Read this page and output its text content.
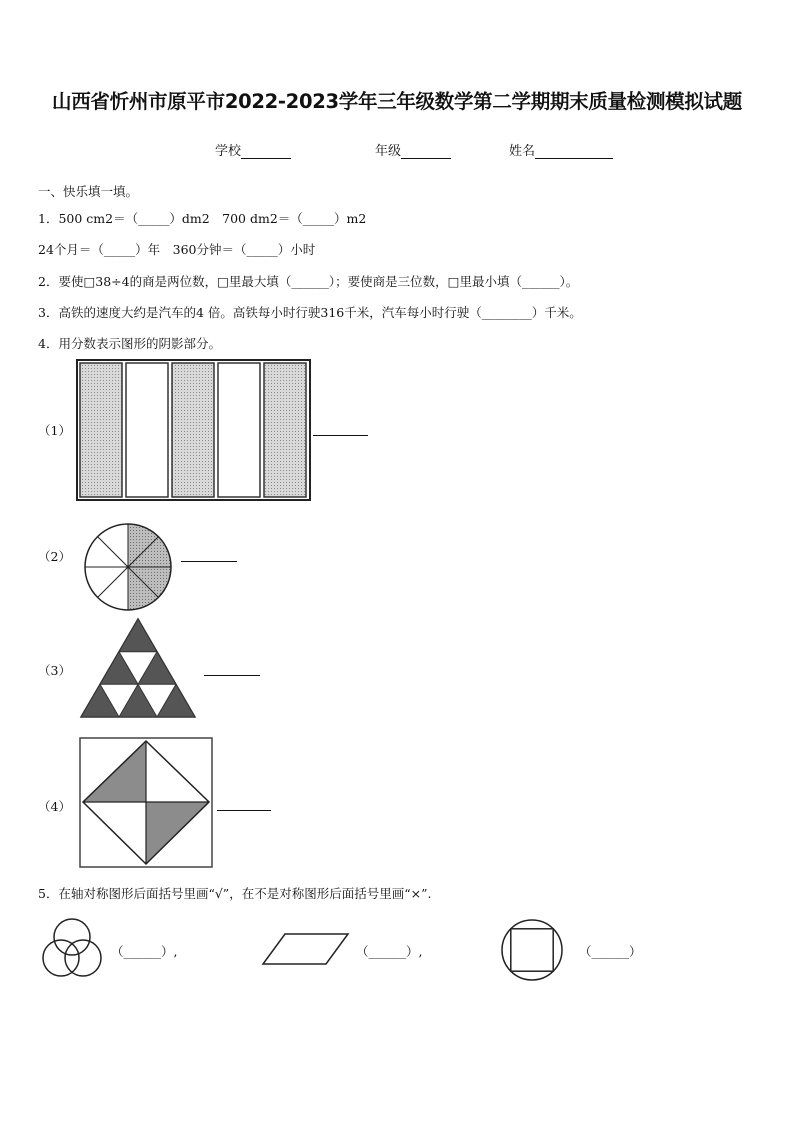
山西省忻州市原平市2022-2023学年三年级数学第二学期期末质量检测模拟试题
学校	年级	姓名
一、快乐填一填。
1．500 cm2＝（_____）dm2　700 dm2＝（_____）m2
24个月＝（_____）年　360分钟＝（_____）小时
2．要使□38÷4的商是两位数，□里最大填（______）；要使商是三位数，□里最小填（______）。
3．高铁的速度大约是汽车的4 倍。高铁每小时行驶316千米，汽车每小时行驶（________）千米。
4．用分数表示图形的阴影部分。
（1）
（2）
（3）
（4）
5．在轴对称图形后面括号里画“√”，在不是对称图形后面括号里画“×”.
（______）,	（______）,	（______）
